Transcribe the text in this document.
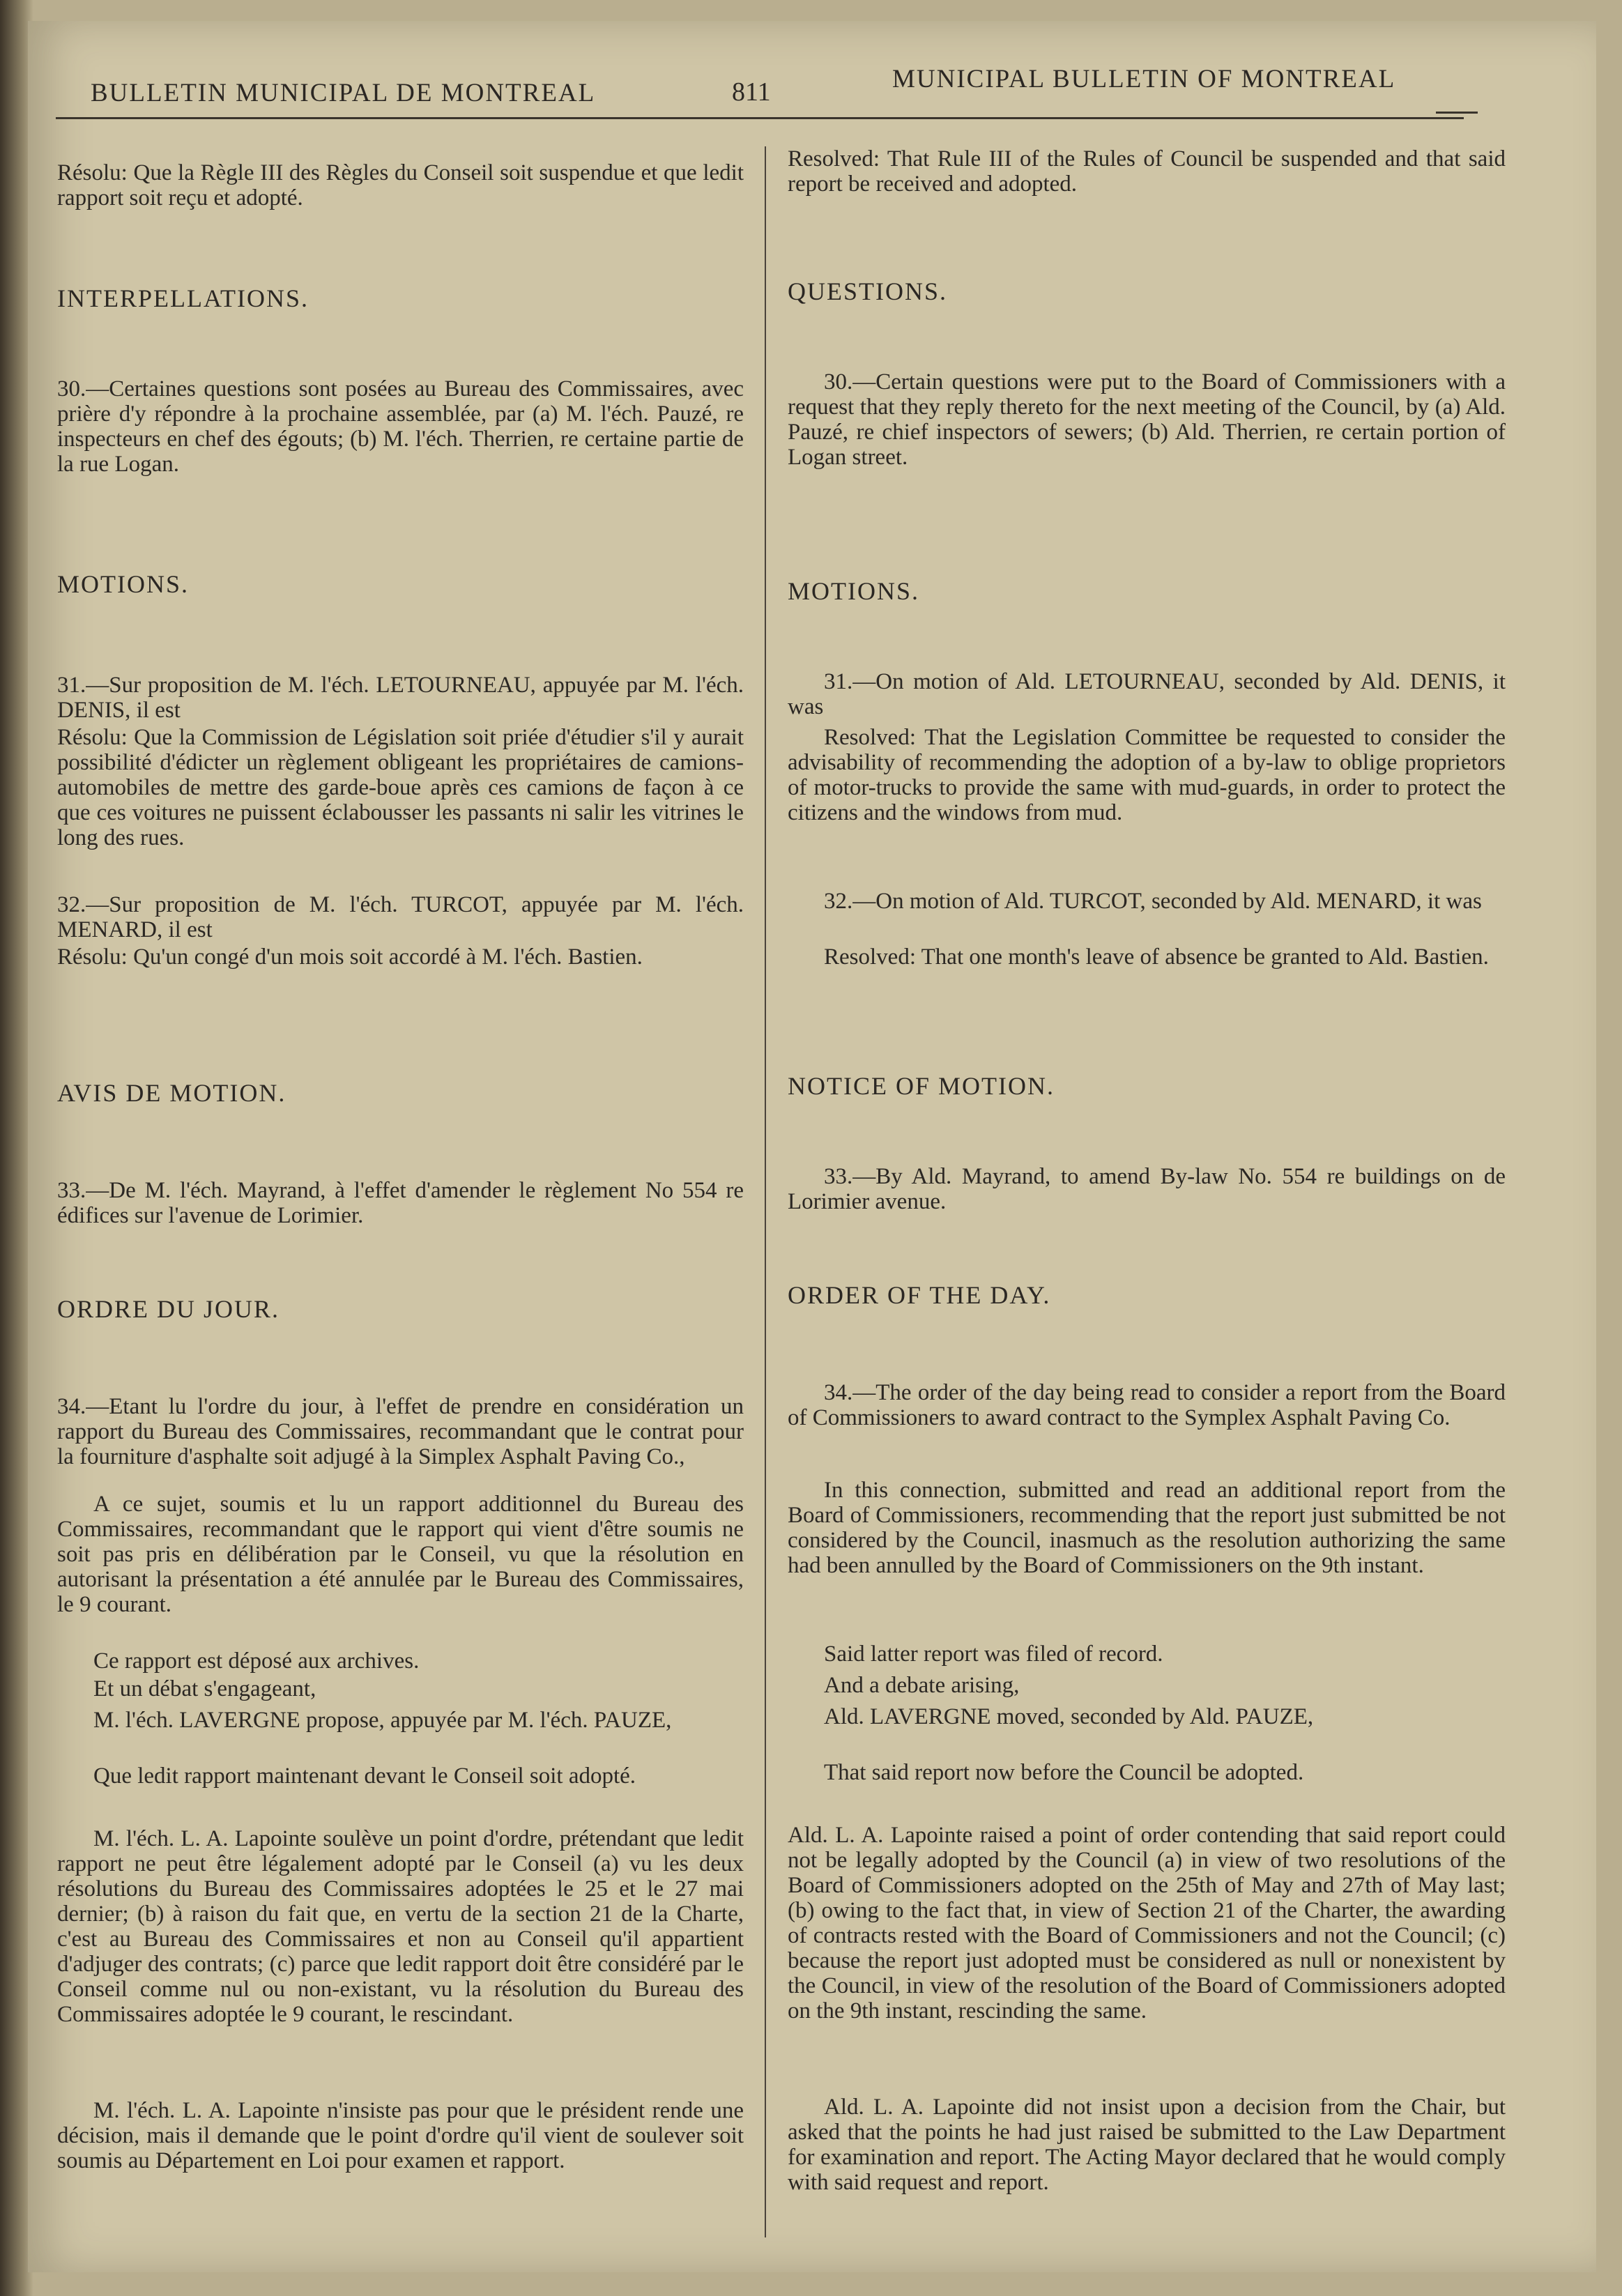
BULLETIN MUNICIPAL DE MONTREAL	811	MUNICIPAL BULLETIN OF MONTREAL
Résolu: Que la Règle III des Règles du Conseil soit suspendue et que ledit rapport soit reçu et adopté.
INTERPELLATIONS.
30.—Certaines questions sont posées au Bureau des Commissaires, avec prière d'y répondre à la prochaine assemblée, par (a) M. l'éch. Pauzé, re inspecteurs en chef des égouts; (b) M. l'éch. Therrien, re certaine partie de la rue Logan.
MOTIONS.
31.—Sur proposition de M. l'éch. LETOURNEAU, appuyée par M. l'éch. DENIS, il est
Résolu: Que la Commission de Législation soit priée d'étudier s'il y aurait possibilité d'édicter un règlement obligeant les propriétaires de camions-automobiles de mettre des garde-boue après ces camions de façon à ce que ces voitures ne puissent éclabousser les passants ni salir les vitrines le long des rues.
32.—Sur proposition de M. l'éch. TURCOT, appuyée par M. l'éch. MENARD, il est
Résolu: Qu'un congé d'un mois soit accordé à M. l'éch. Bastien.
AVIS DE MOTION.
33.—De M. l'éch. Mayrand, à l'effet d'amender le règlement No 554 re édifices sur l'avenue de Lorimier.
ORDRE DU JOUR.
34.—Etant lu l'ordre du jour, à l'effet de prendre en considération un rapport du Bureau des Commissaires, recommandant que le contrat pour la fourniture d'asphalte soit adjugé à la Simplex Asphalt Paving Co.,
A ce sujet, soumis et lu un rapport additionnel du Bureau des Commissaires, recommandant que le rapport qui vient d'être soumis ne soit pas pris en délibération par le Conseil, vu que la résolution en autorisant la présentation a été annulée par le Bureau des Commissaires, le 9 courant.
Ce rapport est déposé aux archives.
Et un débat s'engageant,
M. l'éch. LAVERGNE propose, appuyée par M. l'éch. PAUZE,
Que ledit rapport maintenant devant le Conseil soit adopté.
M. l'éch. L. A. Lapointe soulève un point d'ordre, prétendant que ledit rapport ne peut être légalement adopté par le Conseil (a) vu les deux résolutions du Bureau des Commissaires adoptées le 25 et le 27 mai dernier; (b) à raison du fait que, en vertu de la section 21 de la Charte, c'est au Bureau des Commissaires et non au Conseil qu'il appartient d'adjuger des contrats; (c) parce que ledit rapport doit être considéré par le Conseil comme nul ou non-existant, vu la résolution du Bureau des Commissaires adoptée le 9 courant, le rescindant.
M. l'éch. L. A. Lapointe n'insiste pas pour que le président rende une décision, mais il demande que le point d'ordre qu'il vient de soulever soit soumis au Département en Loi pour examen et rapport.
Resolved: That Rule III of the Rules of Council be suspended and that said report be received and adopted.
QUESTIONS.
30.—Certain questions were put to the Board of Commissioners with a request that they reply thereto for the next meeting of the Council, by (a) Ald. Pauzé, re chief inspectors of sewers; (b) Ald. Therrien, re certain portion of Logan street.
MOTIONS.
31.—On motion of Ald. LETOURNEAU, seconded by Ald. DENIS, it was
Resolved: That the Legislation Committee be requested to consider the advisability of recommending the adoption of a by-law to oblige proprietors of motor-trucks to provide the same with mud-guards, in order to protect the citizens and the windows from mud.
32.—On motion of Ald. TURCOT, seconded by Ald. MENARD, it was
Resolved: That one month's leave of absence be granted to Ald. Bastien.
NOTICE OF MOTION.
33.—By Ald. Mayrand, to amend By-law No. 554 re buildings on de Lorimier avenue.
ORDER OF THE DAY.
34.—The order of the day being read to consider a report from the Board of Commissioners to award contract to the Symplex Asphalt Paving Co.
In this connection, submitted and read an additional report from the Board of Commissioners, recommending that the report just submitted be not considered by the Council, inasmuch as the resolution authorizing the same had been annulled by the Board of Commissioners on the 9th instant.
Said latter report was filed of record.
And a debate arising,
Ald. LAVERGNE moved, seconded by Ald. PAUZE,
That said report now before the Council be adopted.
Ald. L. A. Lapointe raised a point of order contending that said report could not be legally adopted by the Council (a) in view of two resolutions of the Board of Commissioners adopted on the 25th of May and 27th of May last; (b) owing to the fact that, in view of Section 21 of the Charter, the awarding of contracts rested with the Board of Commissioners and not the Council; (c) because the report just adopted must be considered as null or nonexistent by the Council, in view of the resolution of the Board of Commissioners adopted on the 9th instant, rescinding the same.
Ald. L. A. Lapointe did not insist upon a decision from the Chair, but asked that the points he had just raised be submitted to the Law Department for examination and report. The Acting Mayor declared that he would comply with said request and report.
